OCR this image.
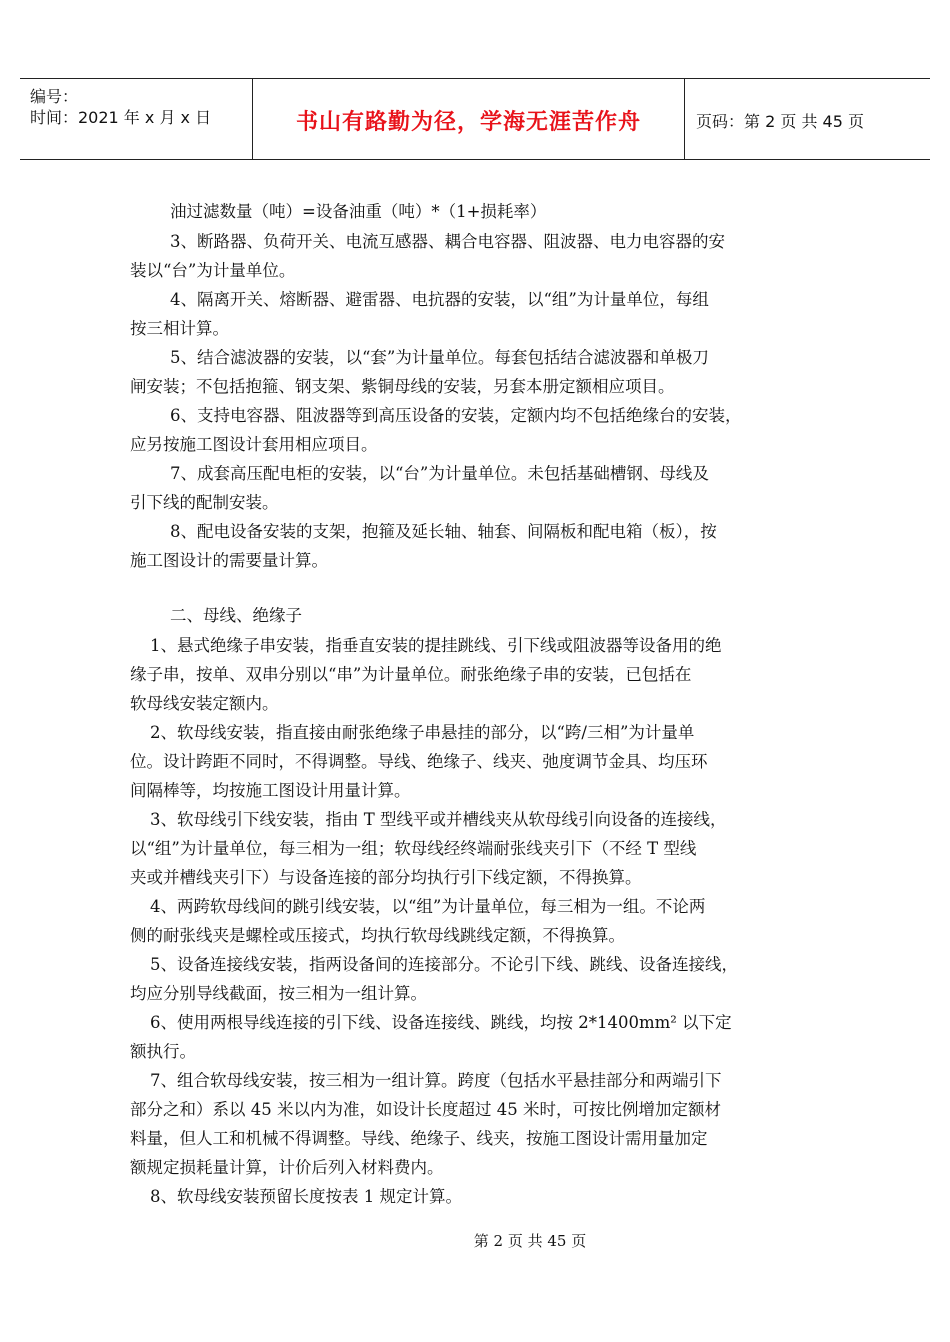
编号：
时间：2021 年 x 月 x 日	书山有路勤为径，学海无涯苦作舟	页码：第 2 页 共 45 页
油过滤数量（吨）=设备油重（吨）*（1+损耗率）
3、断路器、负荷开关、电流互感器、耦合电容器、阻波器、电力电容器的安
装以“台”为计量单位。
4、隔离开关、熔断器、避雷器、电抗器的安装，以“组”为计量单位，每组
按三相计算。
5、结合滤波器的安装，以“套”为计量单位。每套包括结合滤波器和单极刀
闸安装；不包括抱箍、钢支架、紫铜母线的安装，另套本册定额相应项目。
6、支持电容器、阻波器等到高压设备的安装，定额内均不包括绝缘台的安装，
应另按施工图设计套用相应项目。
7、成套高压配电柜的安装，以“台”为计量单位。未包括基础槽钢、母线及
引下线的配制安装。
8、配电设备安装的支架，抱箍及延长轴、轴套、间隔板和配电箱（板），按
施工图设计的需要量计算。
二、母线、绝缘子
1、悬式绝缘子串安装，指垂直安装的提挂跳线、引下线或阻波器等设备用的绝
缘子串，按单、双串分别以“串”为计量单位。耐张绝缘子串的安装，已包括在
软母线安装定额内。
2、软母线安装，指直接由耐张绝缘子串悬挂的部分，以“跨/三相”为计量单
位。设计跨距不同时，不得调整。导线、绝缘子、线夹、弛度调节金具、均压环
间隔棒等，均按施工图设计用量计算。
3、软母线引下线安装，指由 T 型线平或并槽线夹从软母线引向设备的连接线，
以“组”为计量单位，每三相为一组；软母线经终端耐张线夹引下（不经 T 型线
夹或并槽线夹引下）与设备连接的部分均执行引下线定额，不得换算。
4、两跨软母线间的跳引线安装，以“组”为计量单位，每三相为一组。不论两
侧的耐张线夹是螺栓或压接式，均执行软母线跳线定额，不得换算。
5、设备连接线安装，指两设备间的连接部分。不论引下线、跳线、设备连接线，
均应分别导线截面，按三相为一组计算。
6、使用两根导线连接的引下线、设备连接线、跳线，均按 2*1400mm² 以下定
额执行。
7、组合软母线安装，按三相为一组计算。跨度（包括水平悬挂部分和两端引下
部分之和）系以 45 米以内为准，如设计长度超过 45 米时，可按比例增加定额材
料量，但人工和机械不得调整。导线、绝缘子、线夹，按施工图设计需用量加定
额规定损耗量计算，计价后列入材料费内。
8、软母线安装预留长度按表 1 规定计算。
第 2 页 共 45 页
